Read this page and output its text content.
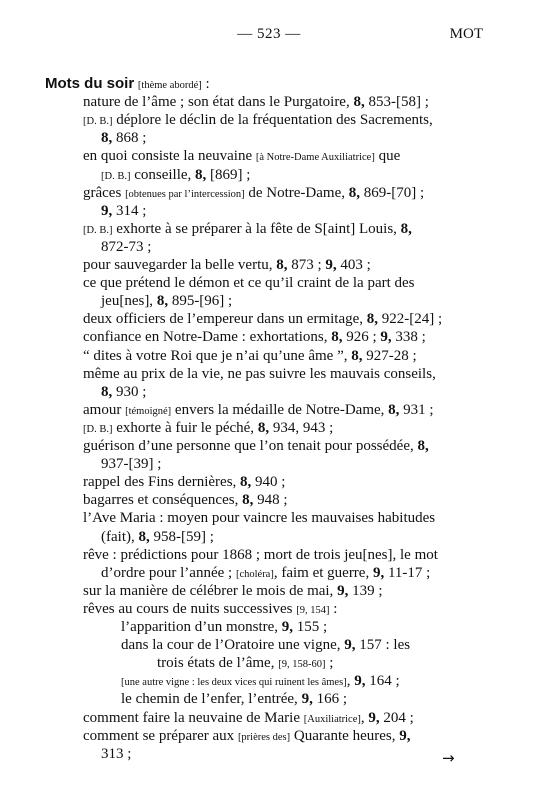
— 523 —	MOT
Mots du soir [thème abordé] :
nature de l’âme ; son état dans le Purgatoire, 8, 853-[58] ;
[D. B.] déplore le déclin de la fréquentation des Sacrements,
8, 868 ;
en quoi consiste la neuvaine [à Notre-Dame Auxiliatrice] que
[D. B.] conseille, 8, [869] ;
grâces [obtenues par l’intercession] de Notre-Dame, 8, 869-[70] ;
9, 314 ;
[D. B.] exhorte à se préparer à la fête de S[aint] Louis, 8,
872-73 ;
pour sauvegarder la belle vertu, 8, 873 ; 9, 403 ;
ce que prétend le démon et ce qu’il craint de la part des
jeu[nes], 8, 895-[96] ;
deux officiers de l’empereur dans un ermitage, 8, 922-[24] ;
confiance en Notre-Dame : exhortations, 8, 926 ; 9, 338 ;
“ dites à votre Roi que je n’ai qu’une âme ”, 8, 927-28 ;
même au prix de la vie, ne pas suivre les mauvais conseils,
8, 930 ;
amour [témoigné] envers la médaille de Notre-Dame, 8, 931 ;
[D. B.] exhorte à fuir le péché, 8, 934, 943 ;
guérison d’une personne que l’on tenait pour possédée, 8,
937-[39] ;
rappel des Fins dernières, 8, 940 ;
bagarres et conséquences, 8, 948 ;
l’Ave Maria : moyen pour vaincre les mauvaises habitudes
(fait), 8, 958-[59] ;
rêve : prédictions pour 1868 ; mort de trois jeu[nes], le mot
d’ordre pour l’année ; [choléra], faim et guerre, 9, 11-17 ;
sur la manière de célébrer le mois de mai, 9, 139 ;
rêves au cours de nuits successives [9, 154] :
l’apparition d’un monstre, 9, 155 ;
dans la cour de l’Oratoire une vigne, 9, 157 : les
trois états de l’âme, [9, 158-60] ;
[une autre vigne : les deux vices qui ruinent les âmes], 9, 164 ;
le chemin de l’enfer, l’entrée, 9, 166 ;
comment faire la neuvaine de Marie [Auxiliatrice], 9, 204 ;
comment se préparer aux [prières des] Quarante heures, 9,
313 ;	→
